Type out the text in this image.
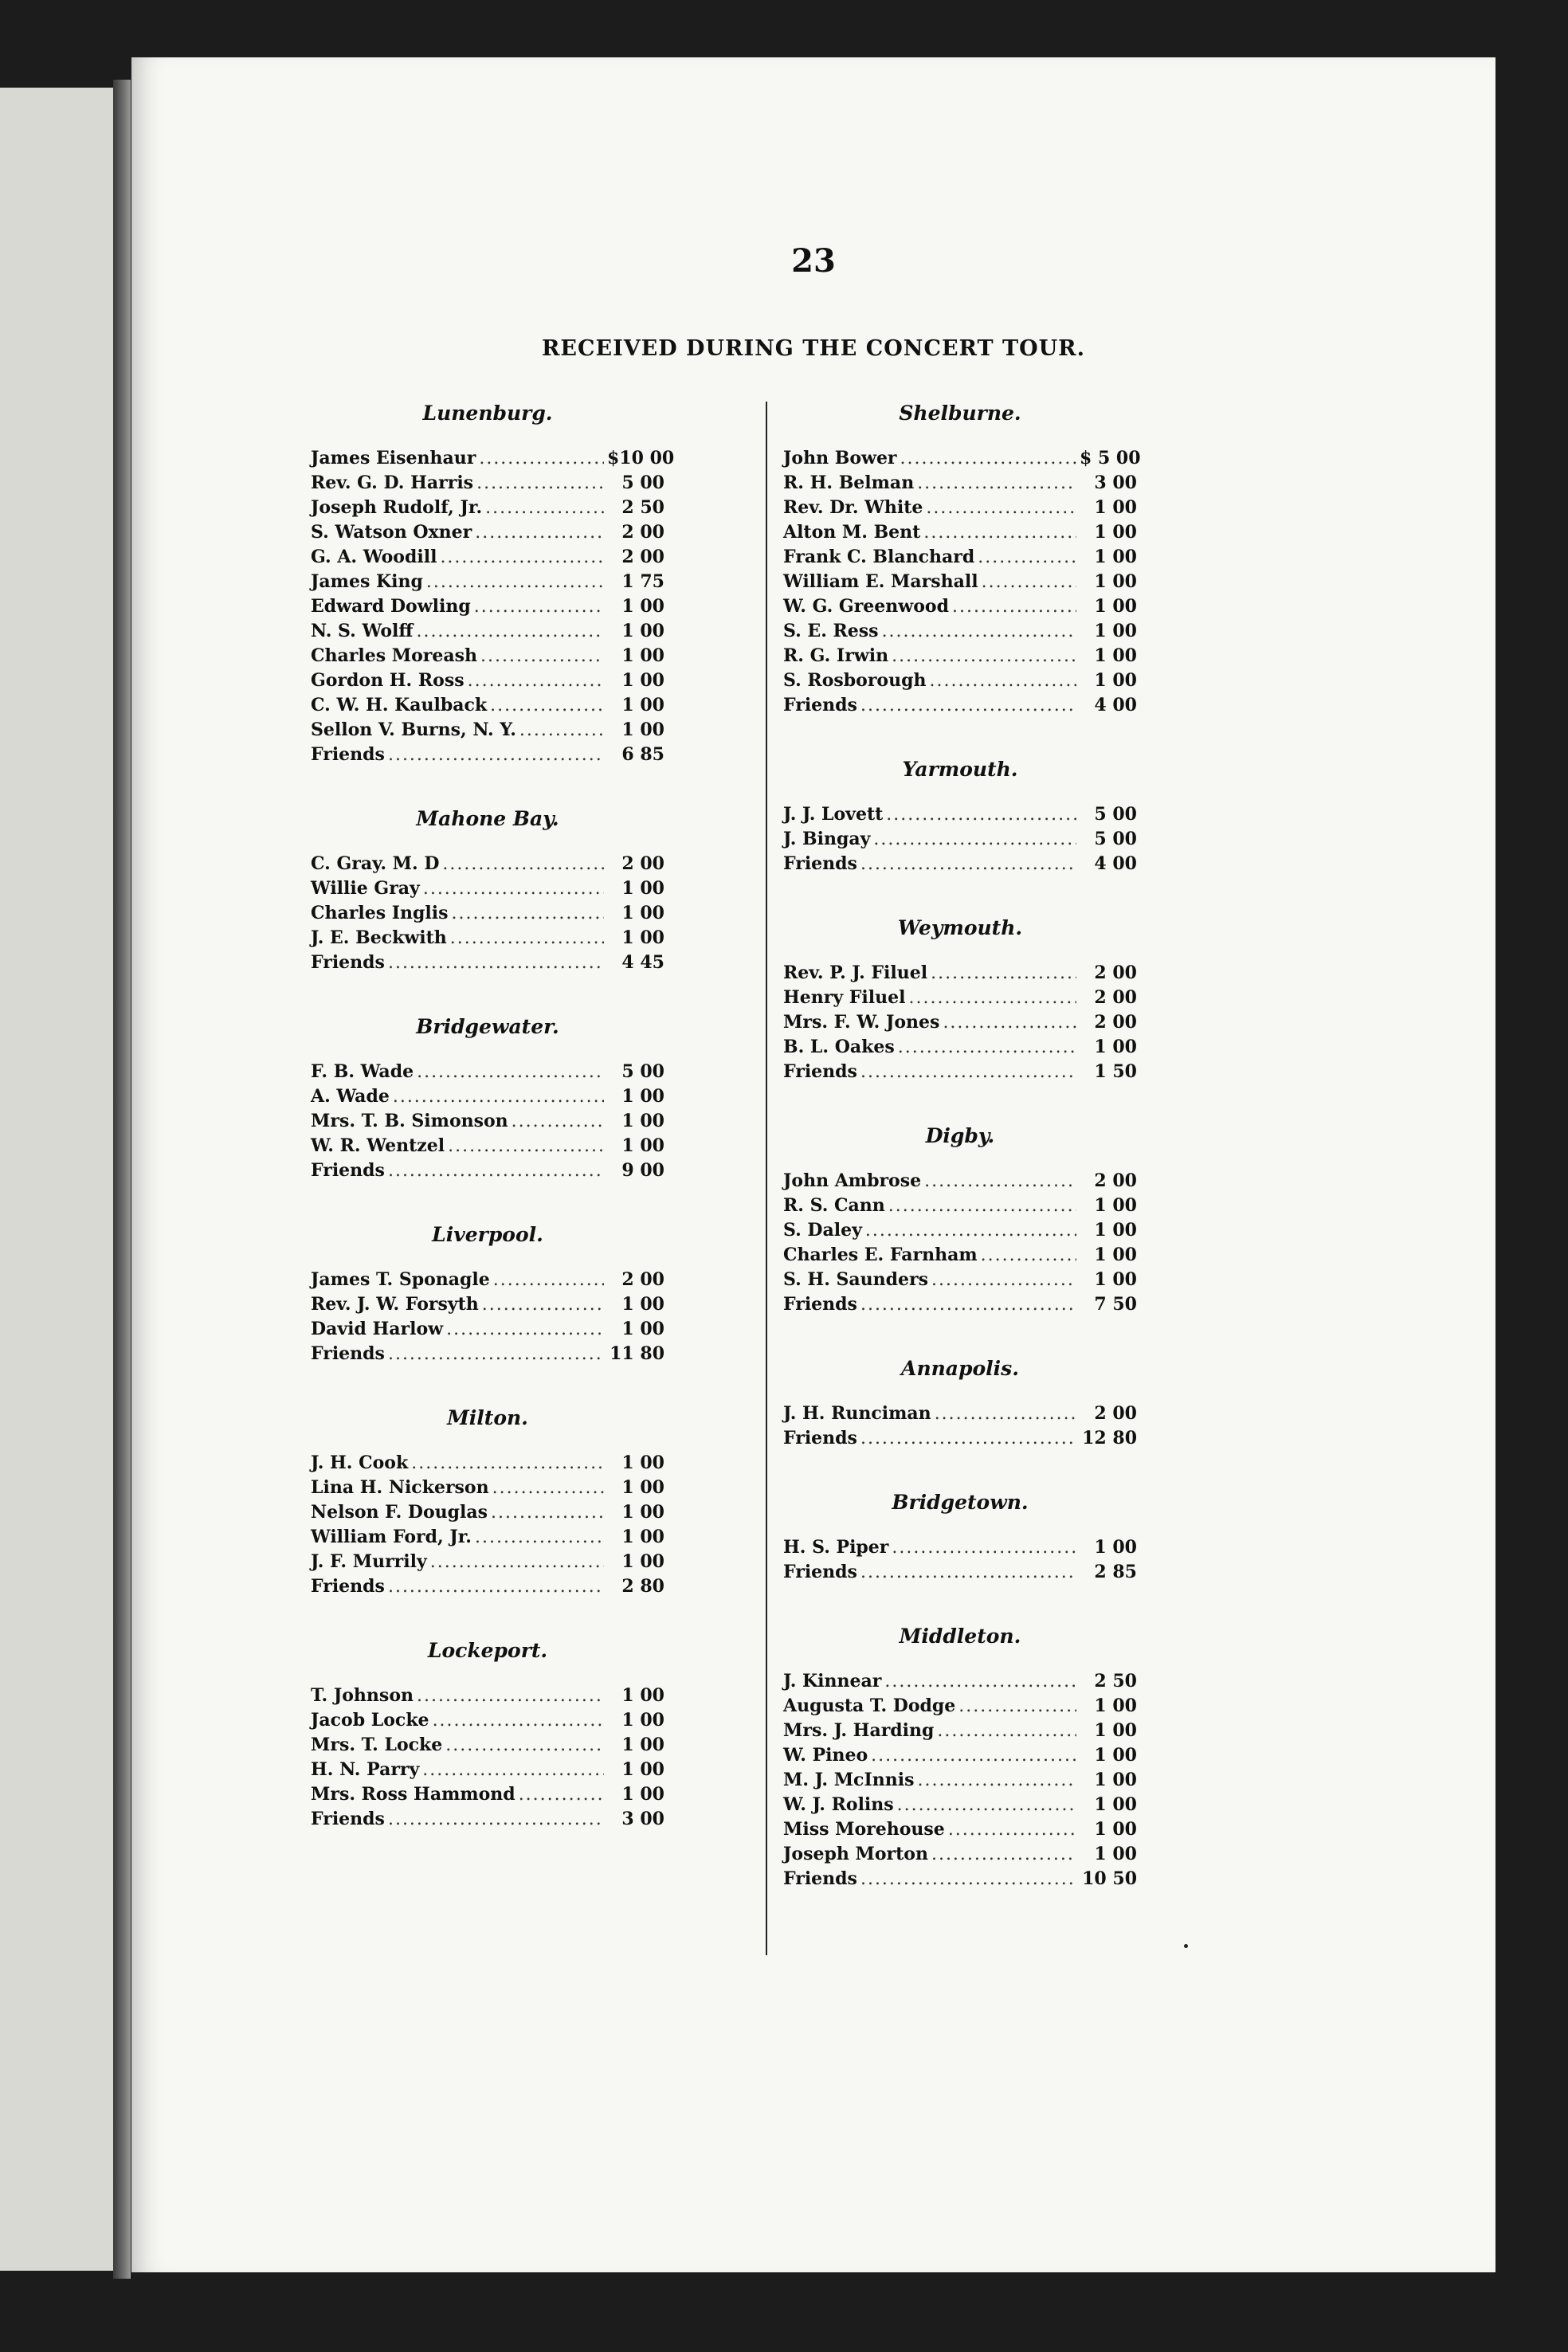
23
RECEIVED DURING THE CONCERT TOUR.
Lunenburg.
James Eisenhaur .....	$10 00
Rev. G. D. Harris .....	5 00
Joseph Rudolf, Jr. .....	2 50
S. Watson Oxner .....	2 00
G. A. Woodill .....	2 00
James King .....	1 75
Edward Dowling .....	1 00
N. S. Wolff .....	1 00
Charles Moreash .....	1 00
Gordon H. Ross .....	1 00
C. W. H. Kaulback .....	1 00
Sellon V. Burns, N. Y. .....	1 00
Friends .....	6 85
Mahone Bay.
C. Gray. M. D .....	2 00
Willie Gray .....	1 00
Charles Inglis .....	1 00
J. E. Beckwith .....	1 00
Friends .....	4 45
Bridgewater.
F. B. Wade .....	5 00
A. Wade .....	1 00
Mrs. T. B. Simonson .....	1 00
W. R. Wentzel .....	1 00
Friends .....	9 00
Liverpool.
James T. Sponagle .....	2 00
Rev. J. W. Forsyth .....	1 00
David Harlow .....	1 00
Friends .....	11 80
Milton.
J. H. Cook .....	1 00
Lina H. Nickerson .....	1 00
Nelson F. Douglas .....	1 00
William Ford, Jr. .....	1 00
J. F. Murrily .....	1 00
Friends .....	2 80
Lockeport.
T. Johnson .....	1 00
Jacob Locke .....	1 00
Mrs. T. Locke .....	1 00
H. N. Parry .....	1 00
Mrs. Ross Hammond .....	1 00
Friends .....	3 00
Shelburne.
John Bower .....	$ 5 00
R. H. Belman .....	3 00
Rev. Dr. White .....	1 00
Alton M. Bent .....	1 00
Frank C. Blanchard .....	1 00
William E. Marshall .....	1 00
W. G. Greenwood .....	1 00
S. E. Ress .....	1 00
R. G. Irwin .....	1 00
S. Rosborough .....	1 00
Friends .....	4 00
Yarmouth.
J. J. Lovett .....	5 00
J. Bingay .....	5 00
Friends .....	4 00
Weymouth.
Rev. P. J. Filuel .....	2 00
Henry Filuel .....	2 00
Mrs. F. W. Jones .....	2 00
B. L. Oakes .....	1 00
Friends .....	1 50
Digby.
John Ambrose .....	2 00
R. S. Cann .....	1 00
S. Daley .....	1 00
Charles E. Farnham .....	1 00
S. H. Saunders .....	1 00
Friends .....	7 50
Annapolis.
J. H. Runciman .....	2 00
Friends .....	12 80
Bridgetown.
H. S. Piper .....	1 00
Friends .....	2 85
Middleton.
J. Kinnear .....	2 50
Augusta T. Dodge .....	1 00
Mrs. J. Harding .....	1 00
W. Pineo .....	1 00
M. J. McInnis .....	1 00
W. J. Rolins .....	1 00
Miss Morehouse .....	1 00
Joseph Morton .....	1 00
Friends .....	10 50
